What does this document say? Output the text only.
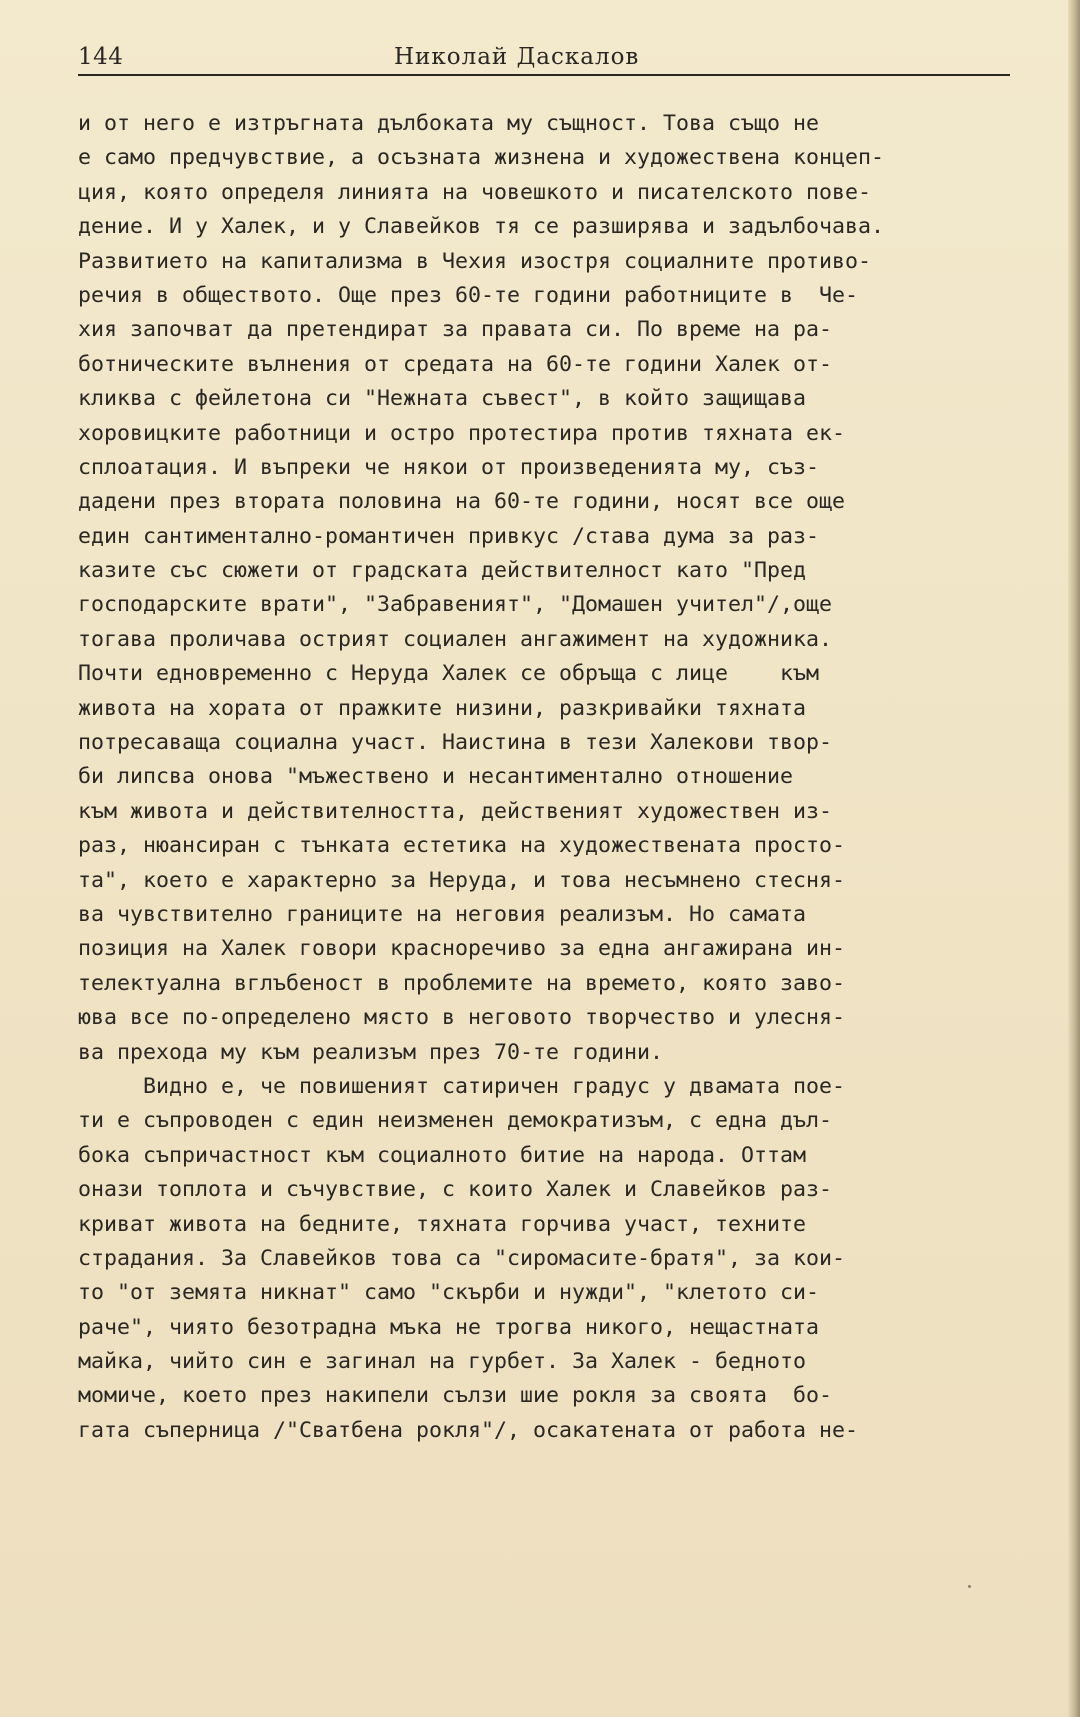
144	Николай Даскалов
и от него е изтръгната дълбоката му същност. Това също не
е само предчувствие, а осъзната жизнена и художествена концеп-
ция, която определя линията на човешкото и писателското пове-
дение. И у Халек, и у Славейков тя се разширява и задълбочава.
Развитието на капитализма в Чехия изостря социалните противо-
речия в обществото. Още през 60-те години работниците в  Че-
хия започват да претендират за правата си. По време на ра-
ботническите вълнения от средата на 60-те години Халек от-
кликва с фейлетона си "Нежната съвест", в който защищава
хоровицките работници и остро протестира против тяхната ек-
сплоатация. И въпреки че някои от произведенията му, съз-
дадени през втората половина на 60-те години, носят все още
един сантиментално-романтичен привкус /става дума за раз-
казите със сюжети от градската действителност като "Пред
господарските врати", "Забравеният", "Домашен учител"/,още
тогава проличава острият социален ангажимент на художника.
Почти едновременно с Неруда Халек се обръща с лице    към
живота на хората от пражките низини, разкривайки тяхната
потресаваща социална участ. Наистина в тези Халекови твор-
би липсва онова "мъжествено и несантиментално отношение
към живота и действителността, действеният художествен из-
раз, нюансиран с тънката естетика на художествената просто-
та", което е характерно за Неруда, и това несъмнено стесня-
ва чувствително границите на неговия реализъм. Но самата
позиция на Халек говори красноречиво за една ангажирана ин-
телектуална вглъбеност в проблемите на времето, която заво-
юва все по-определено място в неговото творчество и улесня-
ва прехода му към реализъм през 70-те години.
Видно е, че повишеният сатиричен градус у двамата пое-
ти е съпроводен с един неизменен демократизъм, с една дъл-
бока съпричастност към социалното битие на народа. Оттам
онази топлота и съчувствие, с които Халек и Славейков раз-
криват живота на бедните, тяхната горчива участ, техните
страдания. За Славейков това са "сиромасите-братя", за кои-
то "от земята никнат" само "скърби и нужди", "клетото си-
раче", чиято безотрадна мъка не трогва никого, нещастната
майка, чийто син е загинал на гурбет. За Халек - бедното
момиче, което през накипели сълзи шие рокля за своята  бо-
гата съперница /"Сватбена рокля"/, осакатената от работа не-
